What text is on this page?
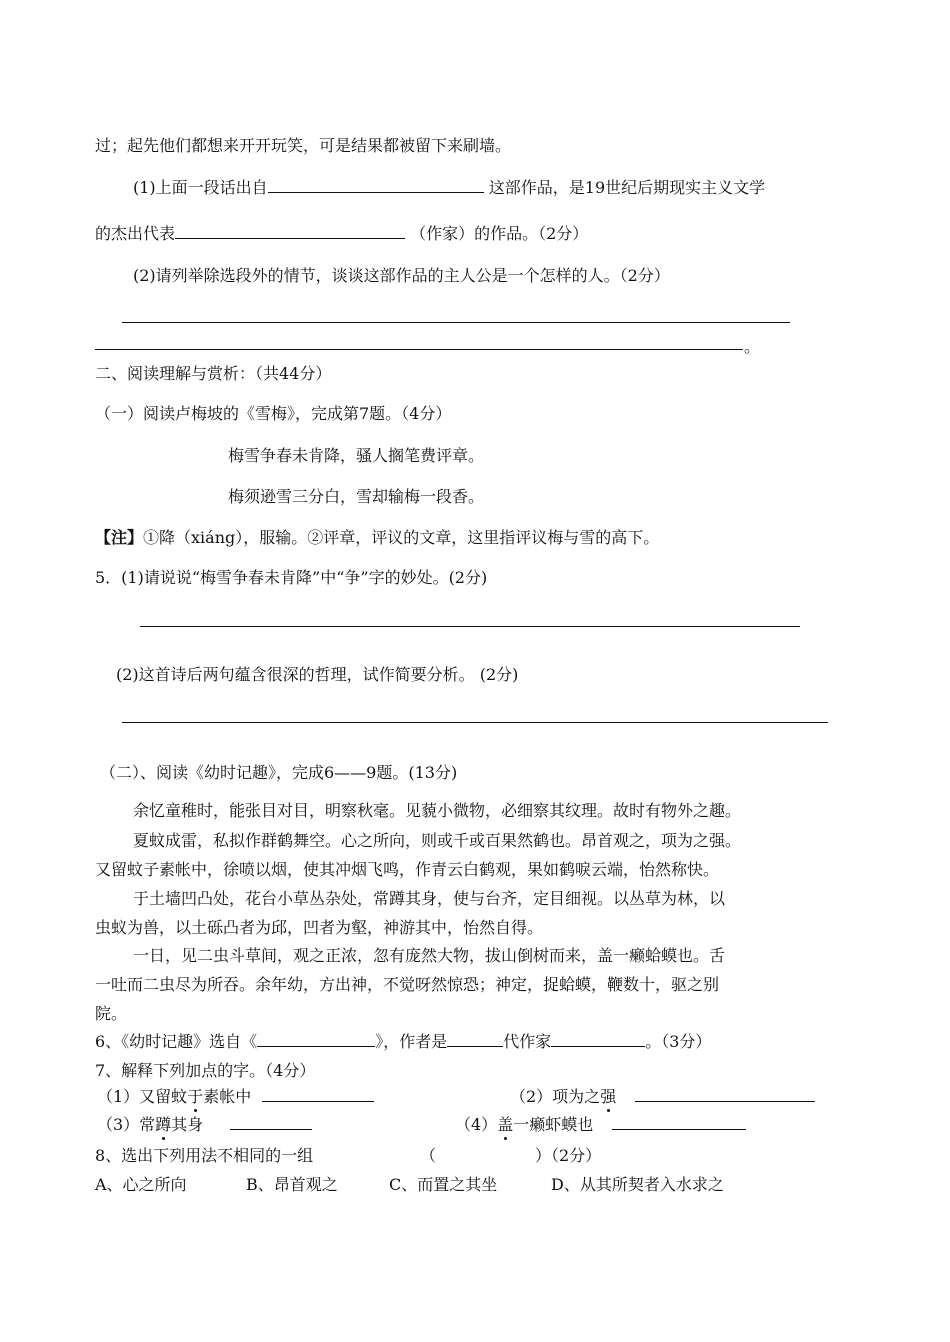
过；起先他们都想来开开玩笑，可是结果都被留下来刷墙。
(1)上面一段话出自	这部作品，是19世纪后期现实主义文学
的杰出代表	（作家）的作品。（2分）
(2)请列举除选段外的情节，谈谈这部作品的主人公是一个怎样的人。（2分）
。
二、阅读理解与赏析：（共44分）
（一）阅读卢梅坡的《雪梅》，完成第7题。（4分）
梅雪争春未肯降，骚人搁笔费评章。
梅须逊雪三分白，雪却输梅一段香。
【注】①降（xiáng），服输。②评章，评议的文章，这里指评议梅与雪的高下。
5．(1)请说说“梅雪争春未肯降”中“争”字的妙处。(2分)
(2)这首诗后两句蕴含很深的哲理，试作简要分析。 (2分)
（二）、阅读《幼时记趣》，完成6——9题。(13分)
余忆童稚时，能张目对目，明察秋毫。见藐小微物，必细察其纹理。故时有物外之趣。
夏蚊成雷，私拟作群鹤舞空。心之所向，则或千或百果然鹤也。昂首观之，项为之强。
又留蚊子素帐中，徐喷以烟，使其冲烟飞鸣，作青云白鹤观，果如鹤唳云端，怡然称快。
于土墙凹凸处，花台小草丛杂处，常蹲其身，使与台齐，定目细视。以丛草为林，以
虫蚁为兽，以土砾凸者为邱，凹者为壑，神游其中，怡然自得。
一日，见二虫斗草间，观之正浓，忽有庞然大物，拔山倒树而来，盖一癞蛤蟆也。舌
一吐而二虫尽为所吞。余年幼，方出神，不觉呀然惊恐；神定，捉蛤蟆，鞭数十，驱之别
院。
6、《幼时记趣》选自《	》，作者是	代作家	。（3分）
7、解释下列加点的字。（4分）
（1）又留蚊于素帐中	（2）项为之强
（3）常蹲其身	（4）盖一癞虾蟆也
8、选出下列用法不相同的一组	（	）（2分）
A、心之所向	B、昂首观之	C、而置之其坐	D、从其所契者入水求之
